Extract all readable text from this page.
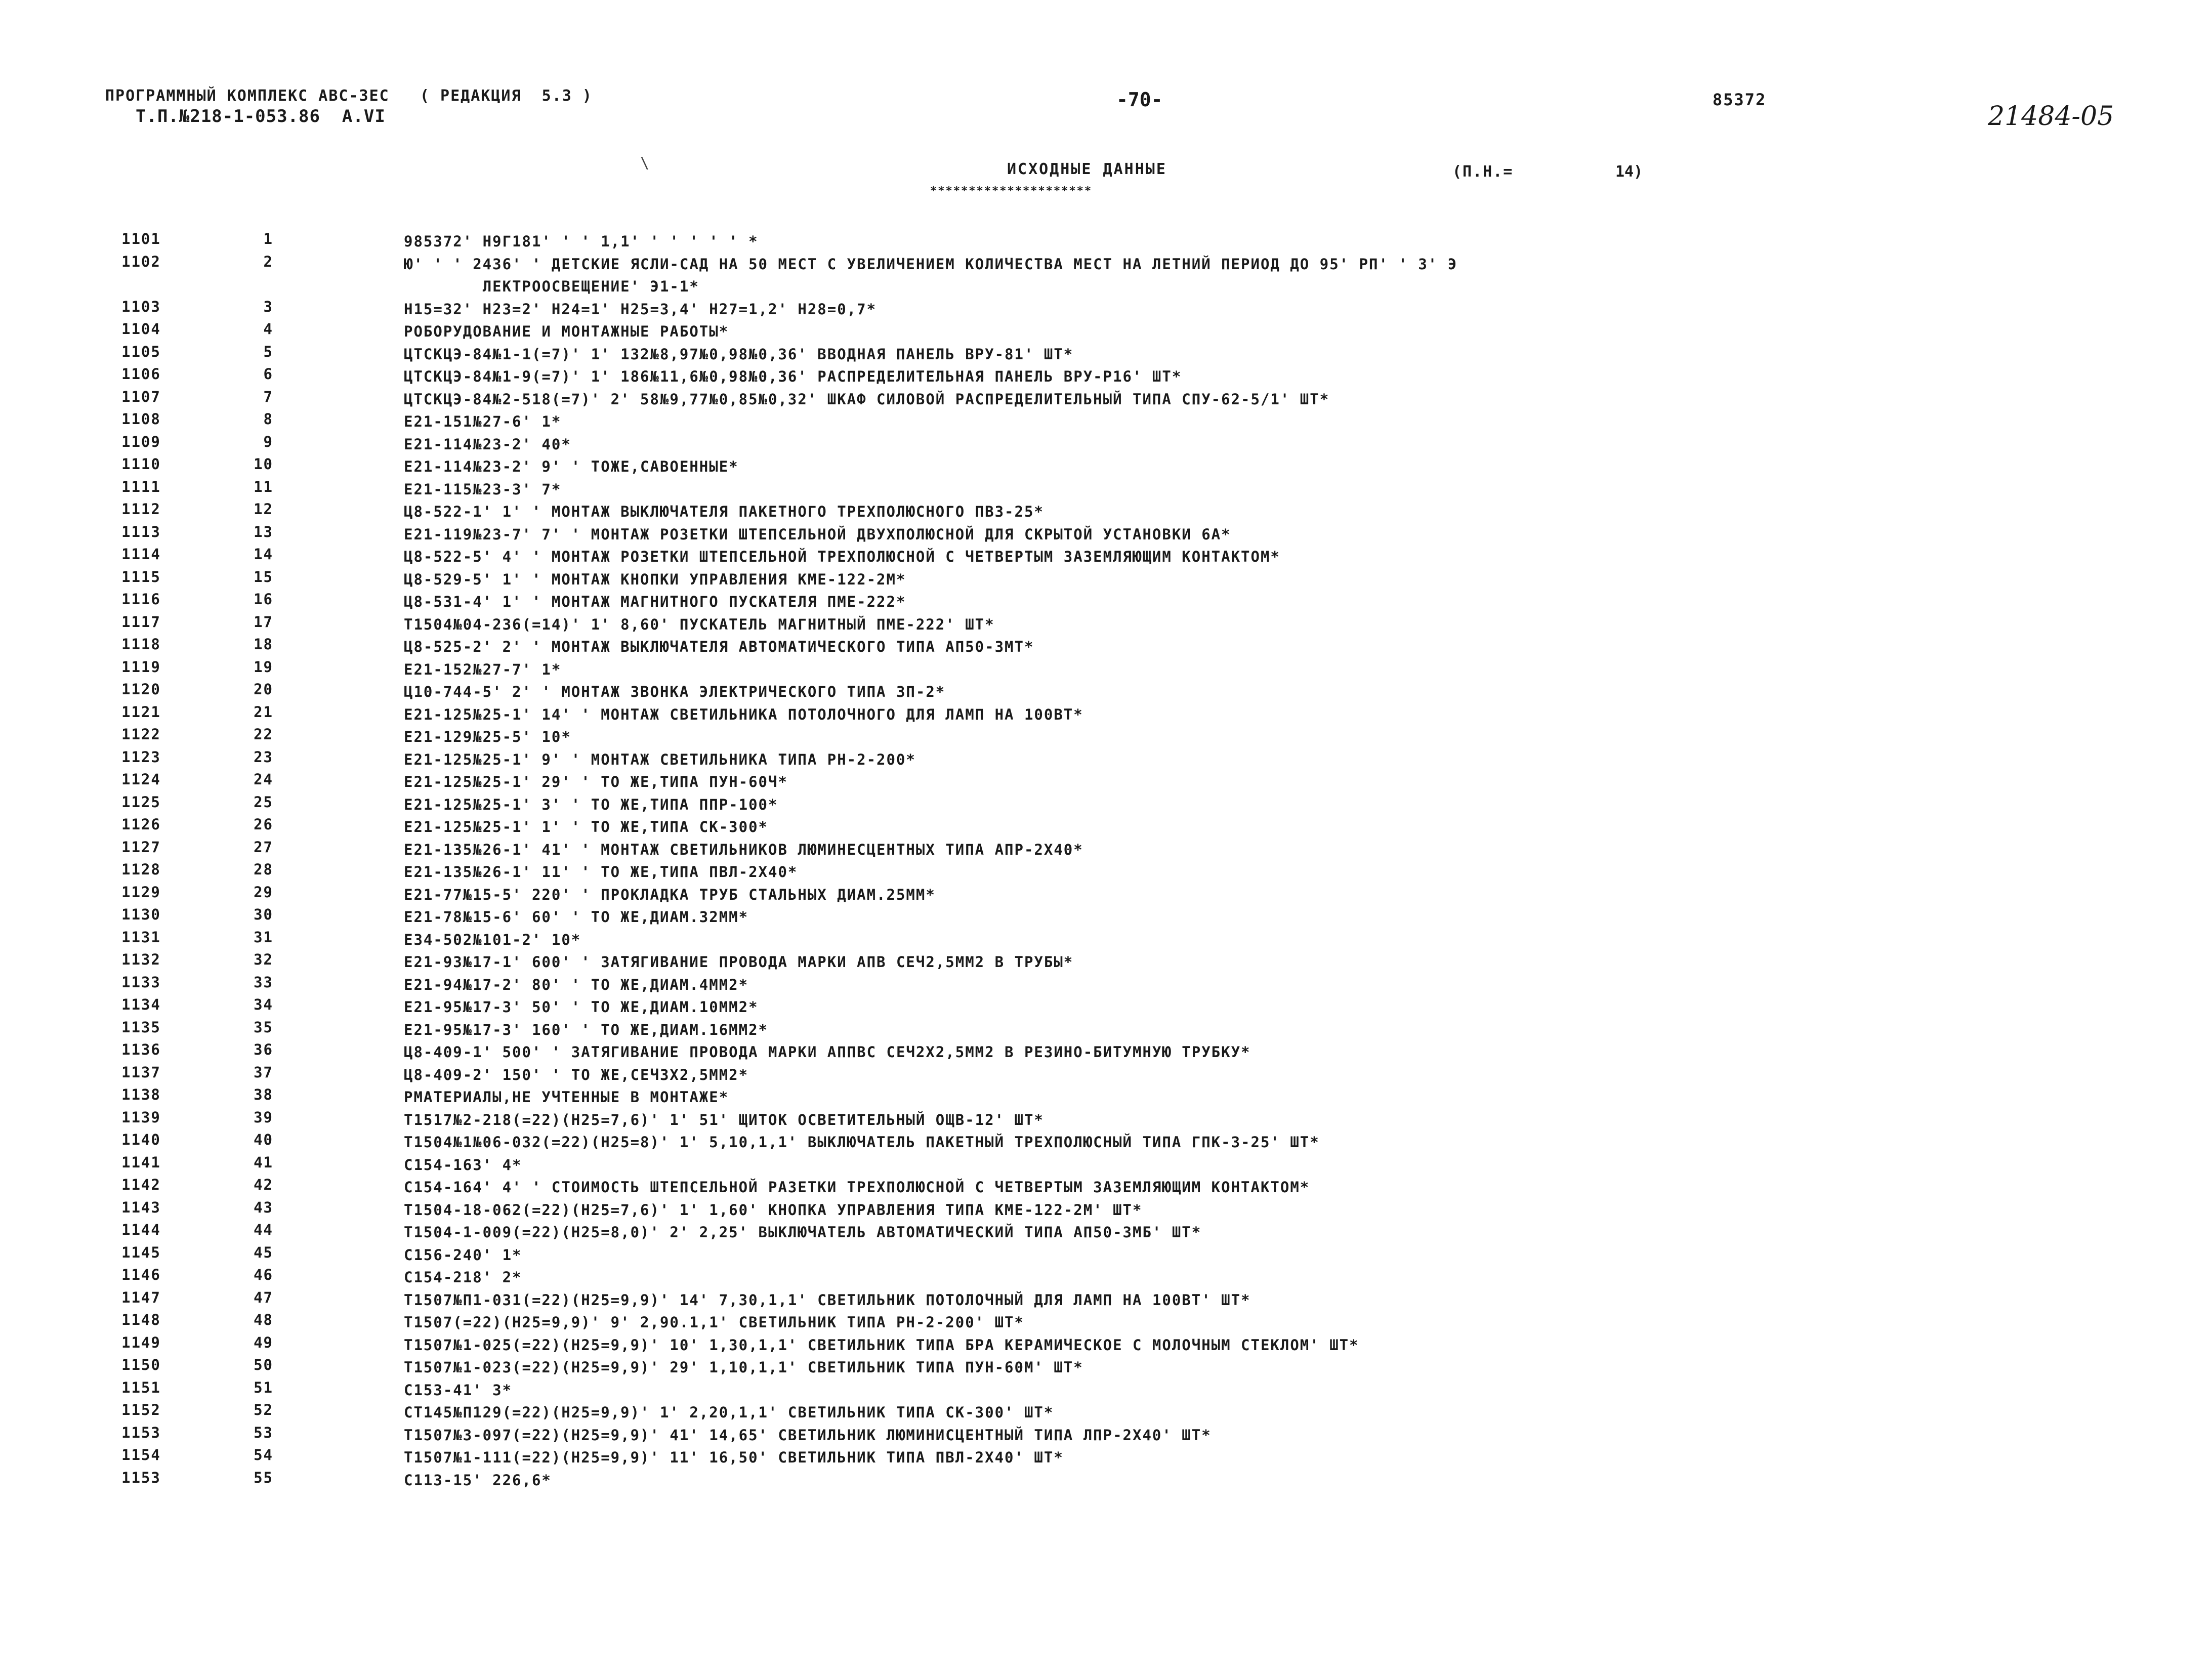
ПРОГРАММНЫЙ КОМПЛЕКС АВС-ЗЕС   ( РЕДАКЦИЯ  5.3 )
Т.П.№218-1-053.86  А.VI
-70-	85372
21484-05
\	ИСХОДНЫЕ ДАННЫЕ
*********************
(П.Н.=	14)
1101	1	985372' Н9Г181' ' ' 1,1' ' ' ' ' ' *
1102	2	Ю' ' ' 2436' ' ДЕТСКИЕ ЯСЛИ-САД НА 50 МЕСТ С УВЕЛИЧЕНИЕМ КОЛИЧЕСТВА МЕСТ НА ЛЕТНИЙ ПЕРИОД ДО 95' РП' ' 3' Э
ЛЕКТРООСВЕЩЕНИЕ' Э1-1*
1103	3	Н15=32' Н23=2' Н24=1' Н25=3,4' Н27=1,2' Н28=0,7*
1104	4	РОБОРУДОВАНИЕ И МОНТАЖНЫЕ РАБОТЫ*
1105	5	ЦТСКЦЭ-84№1-1(=7)' 1' 132№8,97№0,98№0,36' ВВОДНАЯ ПАНЕЛЬ ВРУ-81' ШТ*
1106	6	ЦТСКЦЭ-84№1-9(=7)' 1' 186№11,6№0,98№0,36' РАСПРЕДЕЛИТЕЛЬНАЯ ПАНЕЛЬ ВРУ-Р16' ШТ*
1107	7	ЦТСКЦЭ-84№2-518(=7)' 2' 58№9,77№0,85№0,32' ШКАФ СИЛОВОЙ РАСПРЕДЕЛИТЕЛЬНЫЙ ТИПА СПУ-62-5/1' ШТ*
1108	8	Е21-151№27-6' 1*
1109	9	Е21-114№23-2' 40*
1110	10	Е21-114№23-2' 9' ' ТОЖЕ,САВОЕННЫЕ*
1111	11	Е21-115№23-3' 7*
1112	12	Ц8-522-1' 1' ' МОНТАЖ ВЫКЛЮЧАТЕЛЯ ПАКЕТНОГО ТРЕХПОЛЮСНОГО ПВЗ-25*
1113	13	Е21-119№23-7' 7' ' МОНТАЖ РОЗЕТКИ ШТЕПСЕЛЬНОЙ ДВУХПОЛЮСНОЙ ДЛЯ СКРЫТОЙ УСТАНОВКИ 6А*
1114	14	Ц8-522-5' 4' ' МОНТАЖ РОЗЕТКИ ШТЕПСЕЛЬНОЙ ТРЕХПОЛЮСНОЙ С ЧЕТВЕРТЫМ ЗАЗЕМЛЯЮЩИМ КОНТАКТОМ*
1115	15	Ц8-529-5' 1' ' МОНТАЖ КНОПКИ УПРАВЛЕНИЯ КМЕ-122-2М*
1116	16	Ц8-531-4' 1' ' МОНТАЖ МАГНИТНОГО ПУСКАТЕЛЯ ПМЕ-222*
1117	17	Т1504№04-236(=14)' 1' 8,60' ПУСКАТЕЛЬ МАГНИТНЫЙ ПМЕ-222' ШТ*
1118	18	Ц8-525-2' 2' ' МОНТАЖ ВЫКЛЮЧАТЕЛЯ АВТОМАТИЧЕСКОГО ТИПА АП50-3МТ*
1119	19	Е21-152№27-7' 1*
1120	20	Ц10-744-5' 2' ' МОНТАЖ ЗВОНКА ЭЛЕКТРИЧЕСКОГО ТИПА ЗП-2*
1121	21	Е21-125№25-1' 14' ' МОНТАЖ СВЕТИЛЬНИКА ПОТОЛОЧНОГО ДЛЯ ЛАМП НА 100ВТ*
1122	22	Е21-129№25-5' 10*
1123	23	Е21-125№25-1' 9' ' МОНТАЖ СВЕТИЛЬНИКА ТИПА РН-2-200*
1124	24	Е21-125№25-1' 29' ' ТО ЖЕ,ТИПА ПУН-60Ч*
1125	25	Е21-125№25-1' 3' ' ТО ЖЕ,ТИПА ППР-100*
1126	26	Е21-125№25-1' 1' ' ТО ЖЕ,ТИПА СК-300*
1127	27	Е21-135№26-1' 41' ' МОНТАЖ СВЕТИЛЬНИКОВ ЛЮМИНЕСЦЕНТНЫХ ТИПА АПР-2Х40*
1128	28	Е21-135№26-1' 11' ' ТО ЖЕ,ТИПА ПВЛ-2Х40*
1129	29	Е21-77№15-5' 220' ' ПРОКЛАДКА ТРУБ СТАЛЬНЫХ ДИАМ.25ММ*
1130	30	Е21-78№15-6' 60' ' ТО ЖЕ,ДИАМ.32ММ*
1131	31	Е34-502№101-2' 10*
1132	32	Е21-93№17-1' 600' ' ЗАТЯГИВАНИЕ ПРОВОДА МАРКИ АПВ СЕЧ2,5ММ2 В ТРУБЫ*
1133	33	Е21-94№17-2' 80' ' ТО ЖЕ,ДИАМ.4ММ2*
1134	34	Е21-95№17-3' 50' ' ТО ЖЕ,ДИАМ.10ММ2*
1135	35	Е21-95№17-3' 160' ' ТО ЖЕ,ДИАМ.16ММ2*
1136	36	Ц8-409-1' 500' ' ЗАТЯГИВАНИЕ ПРОВОДА МАРКИ АППВС СЕЧ2Х2,5ММ2 В РЕЗИНО-БИТУМНУЮ ТРУБКУ*
1137	37	Ц8-409-2' 150' ' ТО ЖЕ,СЕЧ3Х2,5ММ2*
1138	38	РМАТЕРИАЛЫ,НЕ УЧТЕННЫЕ В МОНТАЖЕ*
1139	39	Т1517№2-218(=22)(Н25=7,6)' 1' 51' ЩИТОК ОСВЕТИТЕЛЬНЫЙ ОЩВ-12' ШТ*
1140	40	Т1504№1№06-032(=22)(Н25=8)' 1' 5,10,1,1' ВЫКЛЮЧАТЕЛЬ ПАКЕТНЫЙ ТРЕХПОЛЮСНЫЙ ТИПА ГПК-3-25' ШТ*
1141	41	С154-163' 4*
1142	42	С154-164' 4' ' СТОИМОСТЬ ШТЕПСЕЛЬНОЙ РАЗЕТКИ ТРЕХПОЛЮСНОЙ С ЧЕТВЕРТЫМ ЗАЗЕМЛЯЮЩИМ КОНТАКТОМ*
1143	43	Т1504-18-062(=22)(Н25=7,6)' 1' 1,60' КНОПКА УПРАВЛЕНИЯ ТИПА КМЕ-122-2М' ШТ*
1144	44	Т1504-1-009(=22)(Н25=8,0)' 2' 2,25' ВЫКЛЮЧАТЕЛЬ АВТОМАТИЧЕСКИЙ ТИПА АП50-3МБ' ШТ*
1145	45	С156-240' 1*
1146	46	С154-218' 2*
1147	47	Т1507№П1-031(=22)(Н25=9,9)' 14' 7,30,1,1' СВЕТИЛЬНИК ПОТОЛОЧНЫЙ ДЛЯ ЛАМП НА 100ВТ' ШТ*
1148	48	Т1507(=22)(Н25=9,9)' 9' 2,90.1,1' СВЕТИЛЬНИК ТИПА РН-2-200' ШТ*
1149	49	Т1507№1-025(=22)(Н25=9,9)' 10' 1,30,1,1' СВЕТИЛЬНИК ТИПА БРА КЕРАМИЧЕСКОЕ С МОЛОЧНЫМ СТЕКЛОМ' ШТ*
1150	50	Т1507№1-023(=22)(Н25=9,9)' 29' 1,10,1,1' СВЕТИЛЬНИК ТИПА ПУН-60М' ШТ*
1151	51	С153-41' 3*
1152	52	СТ145№П129(=22)(Н25=9,9)' 1' 2,20,1,1' СВЕТИЛЬНИК ТИПА СК-300' ШТ*
1153	53	Т1507№3-097(=22)(Н25=9,9)' 41' 14,65' СВЕТИЛЬНИК ЛЮМИНИСЦЕНТНЫЙ ТИПА ЛПР-2Х40' ШТ*
1154	54	Т1507№1-111(=22)(Н25=9,9)' 11' 16,50' СВЕТИЛЬНИК ТИПА ПВЛ-2Х40' ШТ*
1153	55	С113-15' 226,6*
